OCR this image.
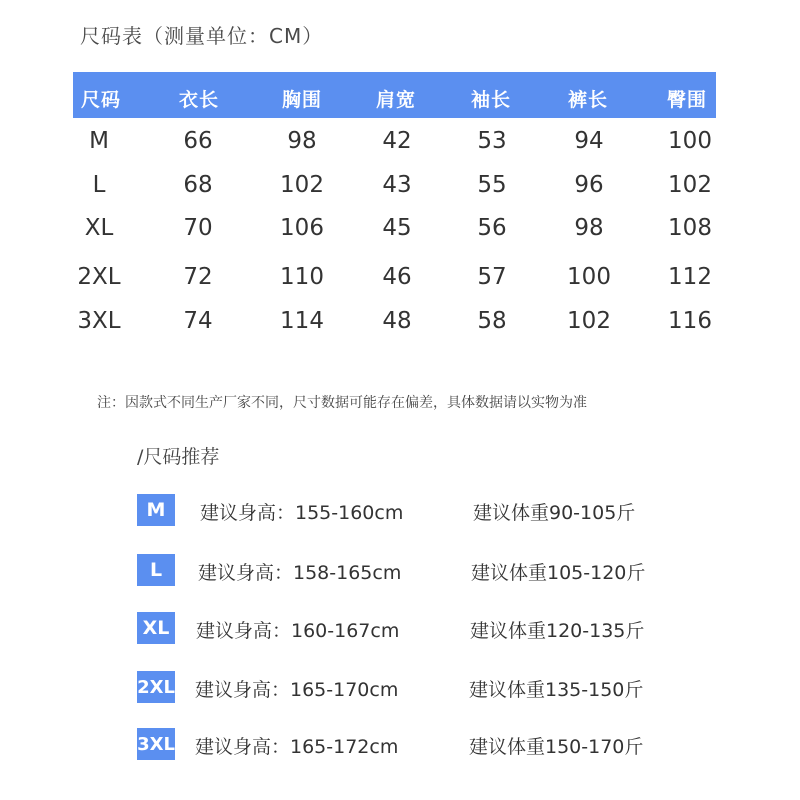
尺码表（测量单位：CM）
尺码	衣长	胸围	肩宽	袖长	裤长	臀围
M	66	98	42	53	94	100
L	68	102	43	55	96	102
XL	70	106	45	56	98	108
2XL	72	110	46	57	100	112
3XL	74	114	48	58	102	116
注：因款式不同生产厂家不同，尺寸数据可能存在偏差，具体数据请以实物为准
/尺码推荐
M	建议身高：155-160cm	建议体重90-105斤
L	建议身高：158-165cm	建议体重105-120斤
XL 建议身高：160-167cm	建议体重120-135斤
2XL 建议身高：165-170cm	建议体重135-150斤
3XL 建议身高：165-172cm	建议体重150-170斤
